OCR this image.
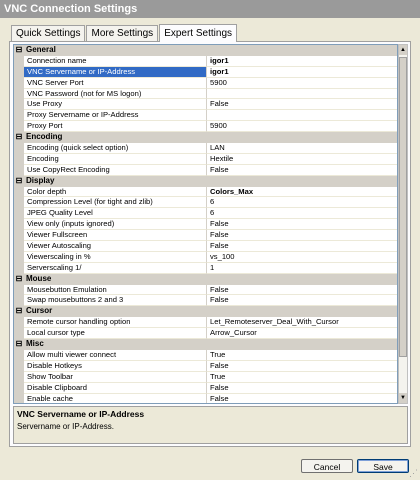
VNC Connection Settings
Quick Settings	More Settings	Expert Settings
⊟ General
Connection name	igor1
VNC Servername or IP-Address	igor1
VNC Server Port	5900
VNC Password (not for MS logon)
Use Proxy	False
Proxy Servername or IP-Address
Proxy Port	5900
⊟ Encoding
Encoding (quick select option)	LAN
Encoding	Hextile
Use CopyRect Encoding	False
⊟ Display
Color depth	Colors_Max
Compression Level (for tight and zlib)	6
JPEG Quality Level	6
View only (inputs ignored)	False
Viewer Fullscreen	False
Viewer Autoscaling	False
Viewerscaling in %	vs_100
Serverscaling 1/	1
⊟ Mouse
Mousebutton Emulation	False
Swap mousebuttons 2 and 3	False
⊟ Cursor
Remote cursor handling option	Let_Remoteserver_Deal_With_Cursor
Local cursor type	Arrow_Cursor
⊟ Misc
Allow multi viewer connect	True
Disable Hotkeys	False
Show Toolbar	True
Disable Clipboard	False
Enable cache	False
▲
▼
VNC Servername or IP-Address
Servername or IP-Address.
Cancel	Save
⋰
